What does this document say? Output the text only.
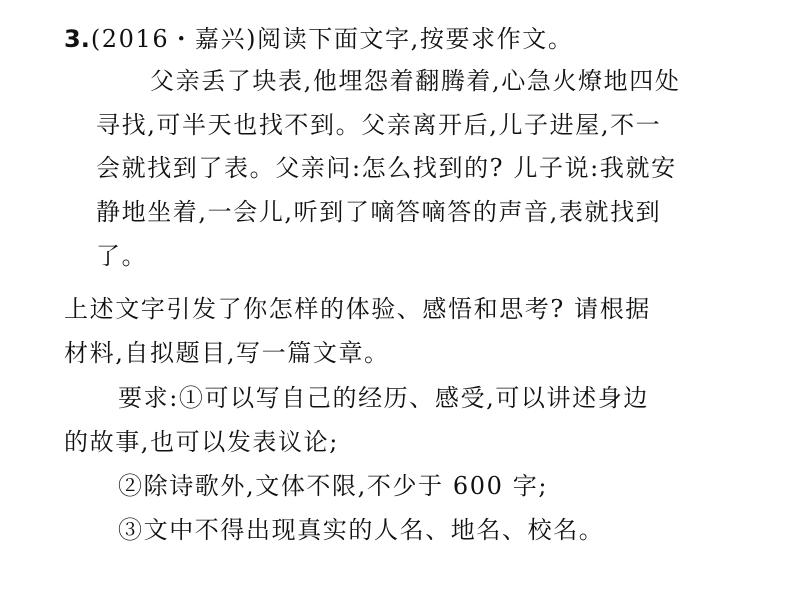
3.(2016・嘉兴)阅读下面文字,按要求作文。
父亲丢了块表,他埋怨着翻腾着,心急火燎地四处
寻找,可半天也找不到。父亲离开后,儿子进屋,不一
会就找到了表。父亲问:怎么找到的? 儿子说:我就安
静地坐着,一会儿,听到了嘀答嘀答的声音,表就找到
了。
上述文字引发了你怎样的体验、感悟和思考? 请根据
材料,自拟题目,写一篇文章。
要求:①可以写自己的经历、感受,可以讲述身边
的故事,也可以发表议论;
②除诗歌外,文体不限,不少于 600 字;
③文中不得出现真实的人名、地名、校名。
